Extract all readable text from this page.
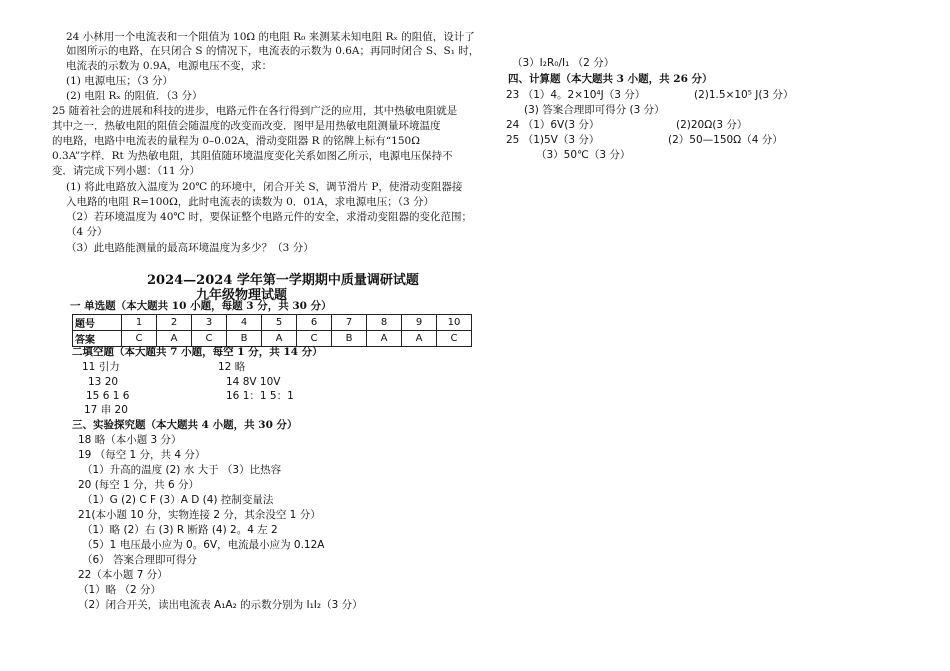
24 小林用一个电流表和一个阻值为 10Ω 的电阻 R₀ 来测某未知电阻 Rₓ 的阻值，设计了
如图所示的电路，在只闭合 S 的情况下，电流表的示数为 0.6A；再同时闭合 S、S₁ 时，
电流表的示数为 0.9A，电源电压不变，求：
(1) 电源电压；（3 分）
(2) 电阻 Rₓ 的阻值．（3 分）
25 随着社会的进展和科技的进步，电路元件在各行得到广泛的应用，其中热敏电阻就是
其中之一．热敏电阻的阻值会随温度的改变而改变．图甲是用热敏电阻测量环境温度
的电路，电路中电流表的量程为 0–0.02A，滑动变阻器 R 的铭牌上标有“150Ω
0.3A”字样．Rt 为热敏电阻，其阻值随环境温度变化关系如图乙所示，电源电压保持不
变．请完成下列小题：（11 分）
(1) 将此电路放入温度为 20℃ 的环境中，闭合开关 S，调节滑片 P，使滑动变阻器接
入电路的电阻 R=100Ω，此时电流表的读数为 0．01A，求电源电压；（3 分）
（2）若环境温度为 40℃ 时，要保证整个电路元件的安全，求滑动变阻器的变化范围；
（4 分）
（3）此电路能测量的最高环境温度为多少？（3 分）
2024—2024 学年第一学期期中质量调研试题
九年级物理试题
一 单选题（本大题共 10 小题，每题 3 分，共 30 分）
题号	1	2	3	4	5	6	7	8	9	10
答案	C	A	C	B	A	C	B	A	A	C
二填空题（本大题共 7 小题，每空 1 分，共 14 分）
11 引力	12 略
13 20	14 8V 10V
15 6 1 6	16 1：1 5：1
17 串 20
三、实验探究题（本大题共 4 小题，共 30 分）
18 略（本小题 3 分）
19 （每空 1 分，共 4 分）
（1）升高的温度 (2) 水 大于 （3）比热容
20 (每空 1 分，共 6 分）
（1）G (2) C F (3）A D (4) 控制变量法
21(本小题 10 分，实物连接 2 分，其余没空 1 分）
（1）略 (2）右 (3) R 断路 (4) 2。4 左 2
（5）1 电压最小应为 0。6V，电流最小应为 0.12A
（6） 答案合理即可得分
22（本小题 7 分）
（1）略 （2 分）
（2）闭合开关，读出电流表 A₁A₂ 的示数分别为 I₁I₂（3 分）
（3）I₂R₀/I₁ （2 分）
四、计算题（本大题共 3 小题，共 26 分）
23 （1）4。2×10⁴J（3 分）	(2)1.5×10⁵ J(3 分）
(3) 答案合理即可得分 (3 分）
24 （1）6V(3 分）	(2)20Ω(3 分）
25 （1)5V（3 分）	(2）50—150Ω（4 分）
（3）50℃（3 分）
